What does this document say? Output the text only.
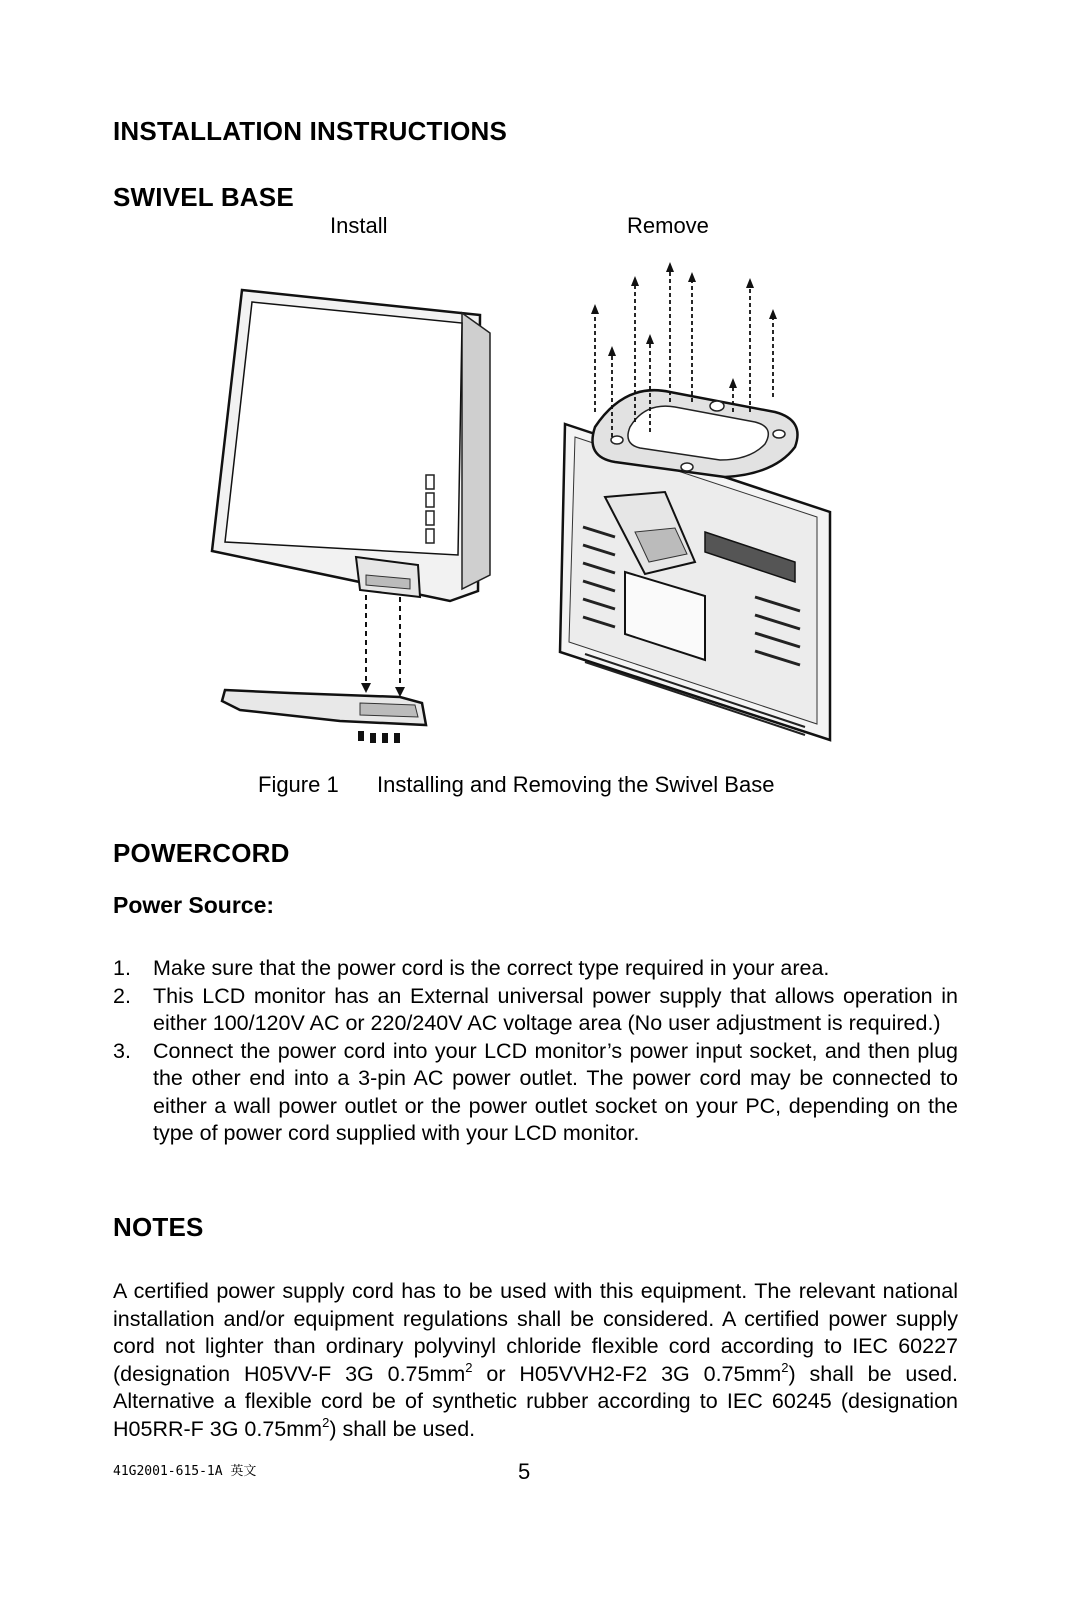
INSTALLATION INSTRUCTIONS
SWIVEL BASE
Install	Remove
Figure 1 Installing and Removing the Swivel Base
POWERCORD
Power Source:
1. Make sure that the power cord is the correct type required in your area.
2. This LCD monitor has an External universal power supply that allows operation in either 100/120V AC or 220/240V AC voltage area (No user adjustment is required.)
3. Connect the power cord into your LCD monitor’s power input socket, and then plug the other end into a 3-pin AC power outlet. The power cord may be connected to either a wall power outlet or the power outlet socket on your PC, depending on the type of power cord supplied with your LCD monitor.
NOTES
A certified power supply cord has to be used with this equipment. The relevant national installation and/or equipment regulations shall be considered. A certified power supply cord not lighter than ordinary polyvinyl chloride flexible cord according to IEC 60227 (designation H05VV-F 3G $0.75mm^2$ or H05VVH2-F2 3G $0.75mm^2$) shall be used. Alternative a flexible cord be of synthetic rubber according to IEC 60245 (designation H05RR-F 3G $0.75mm^2$) shall be used.
41G2001-615-1A 英文	5
